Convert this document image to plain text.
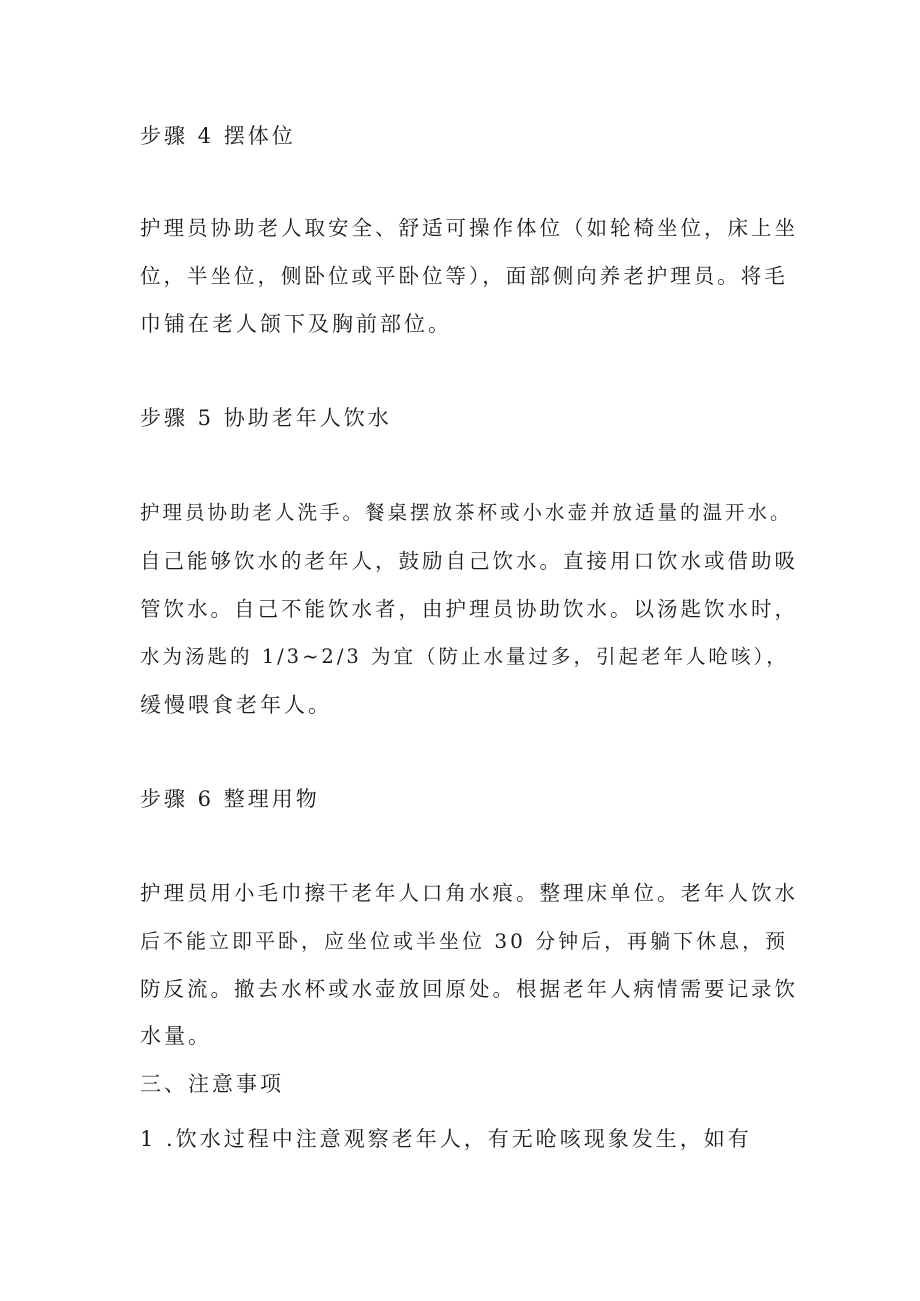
步骤 4 摆体位
护理员协助老人取安全、舒适可操作体位（如轮椅坐位，床上坐
位，半坐位，侧卧位或平卧位等），面部侧向养老护理员。将毛
巾铺在老人颌下及胸前部位。
步骤 5 协助老年人饮水
护理员协助老人洗手。餐桌摆放茶杯或小水壶并放适量的温开水。
自己能够饮水的老年人，鼓励自己饮水。直接用口饮水或借助吸
管饮水。自己不能饮水者，由护理员协助饮水。以汤匙饮水时，
水为汤匙的 1/3~2/3 为宜（防止水量过多，引起老年人呛咳），
缓慢喂食老年人。
步骤 6 整理用物
护理员用小毛巾擦干老年人口角水痕。整理床单位。老年人饮水
后不能立即平卧，应坐位或半坐位 30 分钟后，再躺下休息，预
防反流。撤去水杯或水壶放回原处。根据老年人病情需要记录饮
水量。
三、注意事项
1 .饮水过程中注意观察老年人，有无呛咳现象发生，如有
